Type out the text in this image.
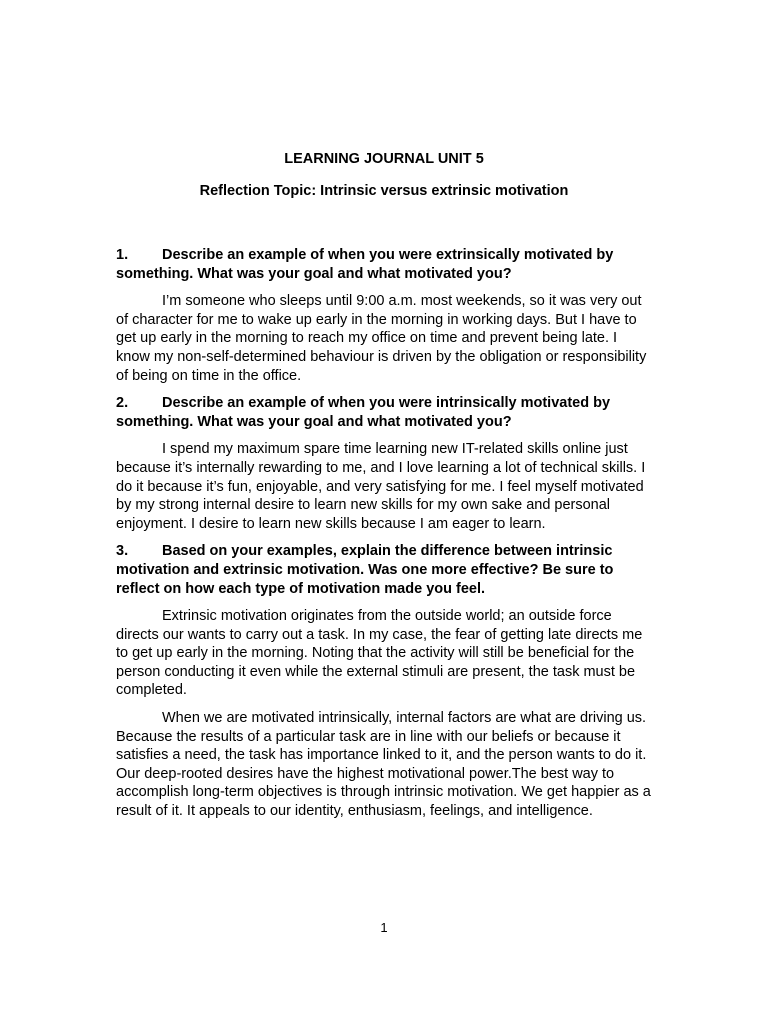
LEARNING JOURNAL UNIT 5
Reflection Topic: Intrinsic versus extrinsic motivation
1. Describe an example of when you were extrinsically motivated by something. What was your goal and what motivated you?

I’m someone who sleeps until 9:00 a.m. most weekends, so it was very out of character for me to wake up early in the morning in working days. But I have to get up early in the morning to reach my office on time and prevent being late. I know my non-self-determined behaviour is driven by the obligation or responsibility of being on time in the office.

2. Describe an example of when you were intrinsically motivated by something. What was your goal and what motivated you?

I spend my maximum spare time learning new IT-related skills online just because it’s internally rewarding to me, and I love learning a lot of technical skills. I do it because it’s fun, enjoyable, and very satisfying for me. I feel myself motivated by my strong internal desire to learn new skills for my own sake and personal enjoyment. I desire to learn new skills because I am eager to learn.

3. Based on your examples, explain the difference between intrinsic motivation and extrinsic motivation. Was one more effective? Be sure to reflect on how each type of motivation made you feel.

Extrinsic motivation originates from the outside world; an outside force directs our wants to carry out a task. In my case, the fear of getting late directs me to get up early in the morning. Noting that the activity will still be beneficial for the person conducting it even while the external stimuli are present, the task must be completed.

When we are motivated intrinsically, internal factors are what are driving us. Because the results of a particular task are in line with our beliefs or because it satisfies a need, the task has importance linked to it, and the person wants to do it. Our deep-rooted desires have the highest motivational power.The best way to accomplish long-term objectives is through intrinsic motivation. We get happier as a result of it. It appeals to our identity, enthusiasm, feelings, and intelligence.

1
